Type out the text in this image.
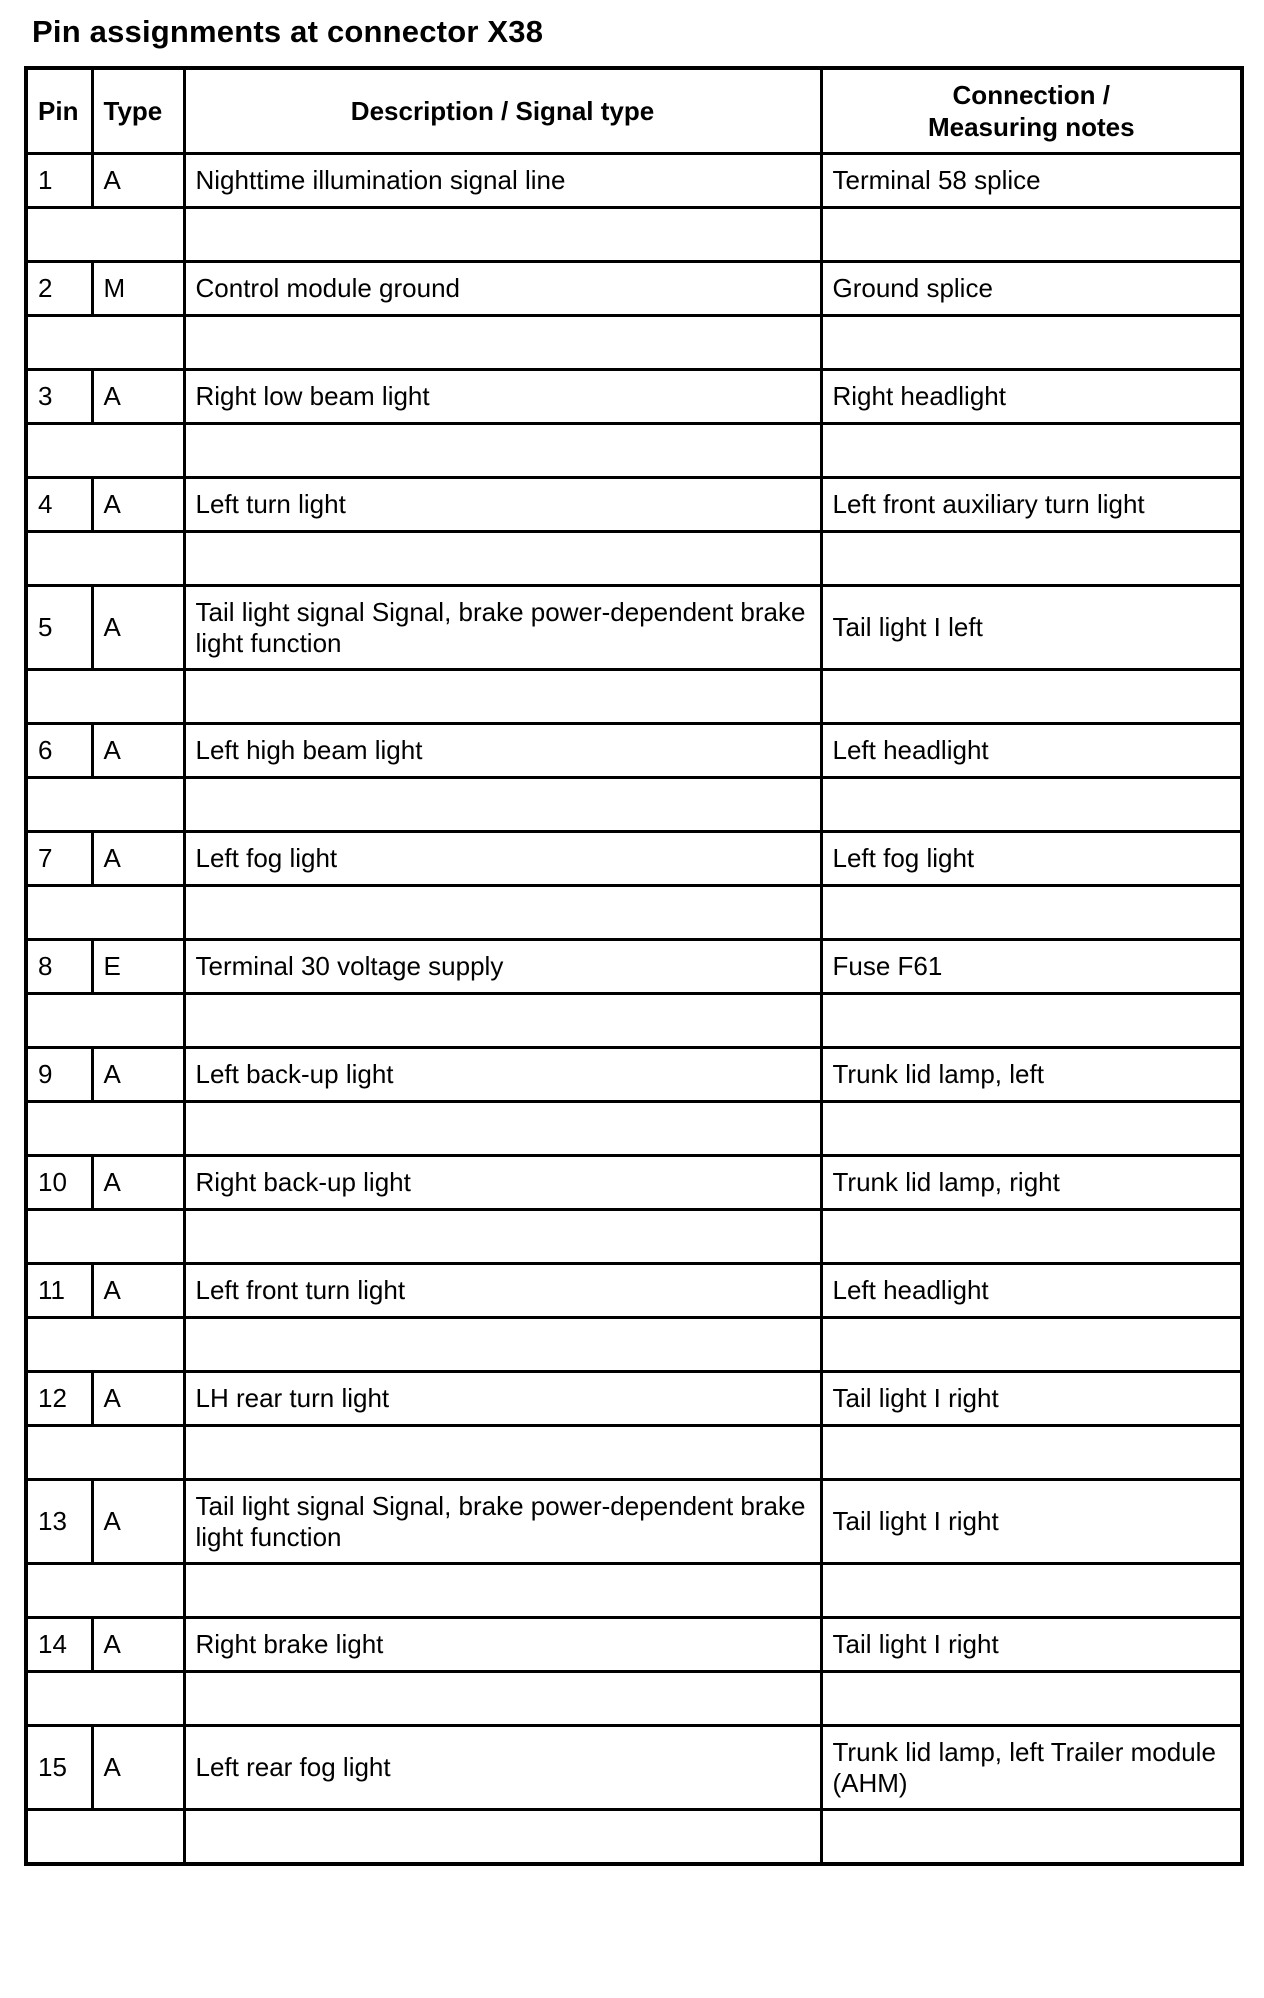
Pin assignments at connector X38
Pin	Type	Description / Signal type	Connection /
Measuring notes
1	A	Nighttime illumination signal line	Terminal 58 splice

2	M	Control module ground	Ground splice

3	A	Right low beam light	Right headlight

4	A	Left turn light	Left front auxiliary turn light

5	A	Tail light signal Signal, brake power-dependent brake light function	Tail light I left

6	A	Left high beam light	Left headlight

7	A	Left fog light	Left fog light

8	E	Terminal 30 voltage supply	Fuse F61

9	A	Left back-up light	Trunk lid lamp, left

10	A	Right back-up light	Trunk lid lamp, right

11	A	Left front turn light	Left headlight

12	A	LH rear turn light	Tail light I right

13	A	Tail light signal Signal, brake power-dependent brake light function	Tail light I right

14	A	Right brake light	Tail light I right

15	A	Left rear fog light	Trunk lid lamp, left Trailer module (AHM)
